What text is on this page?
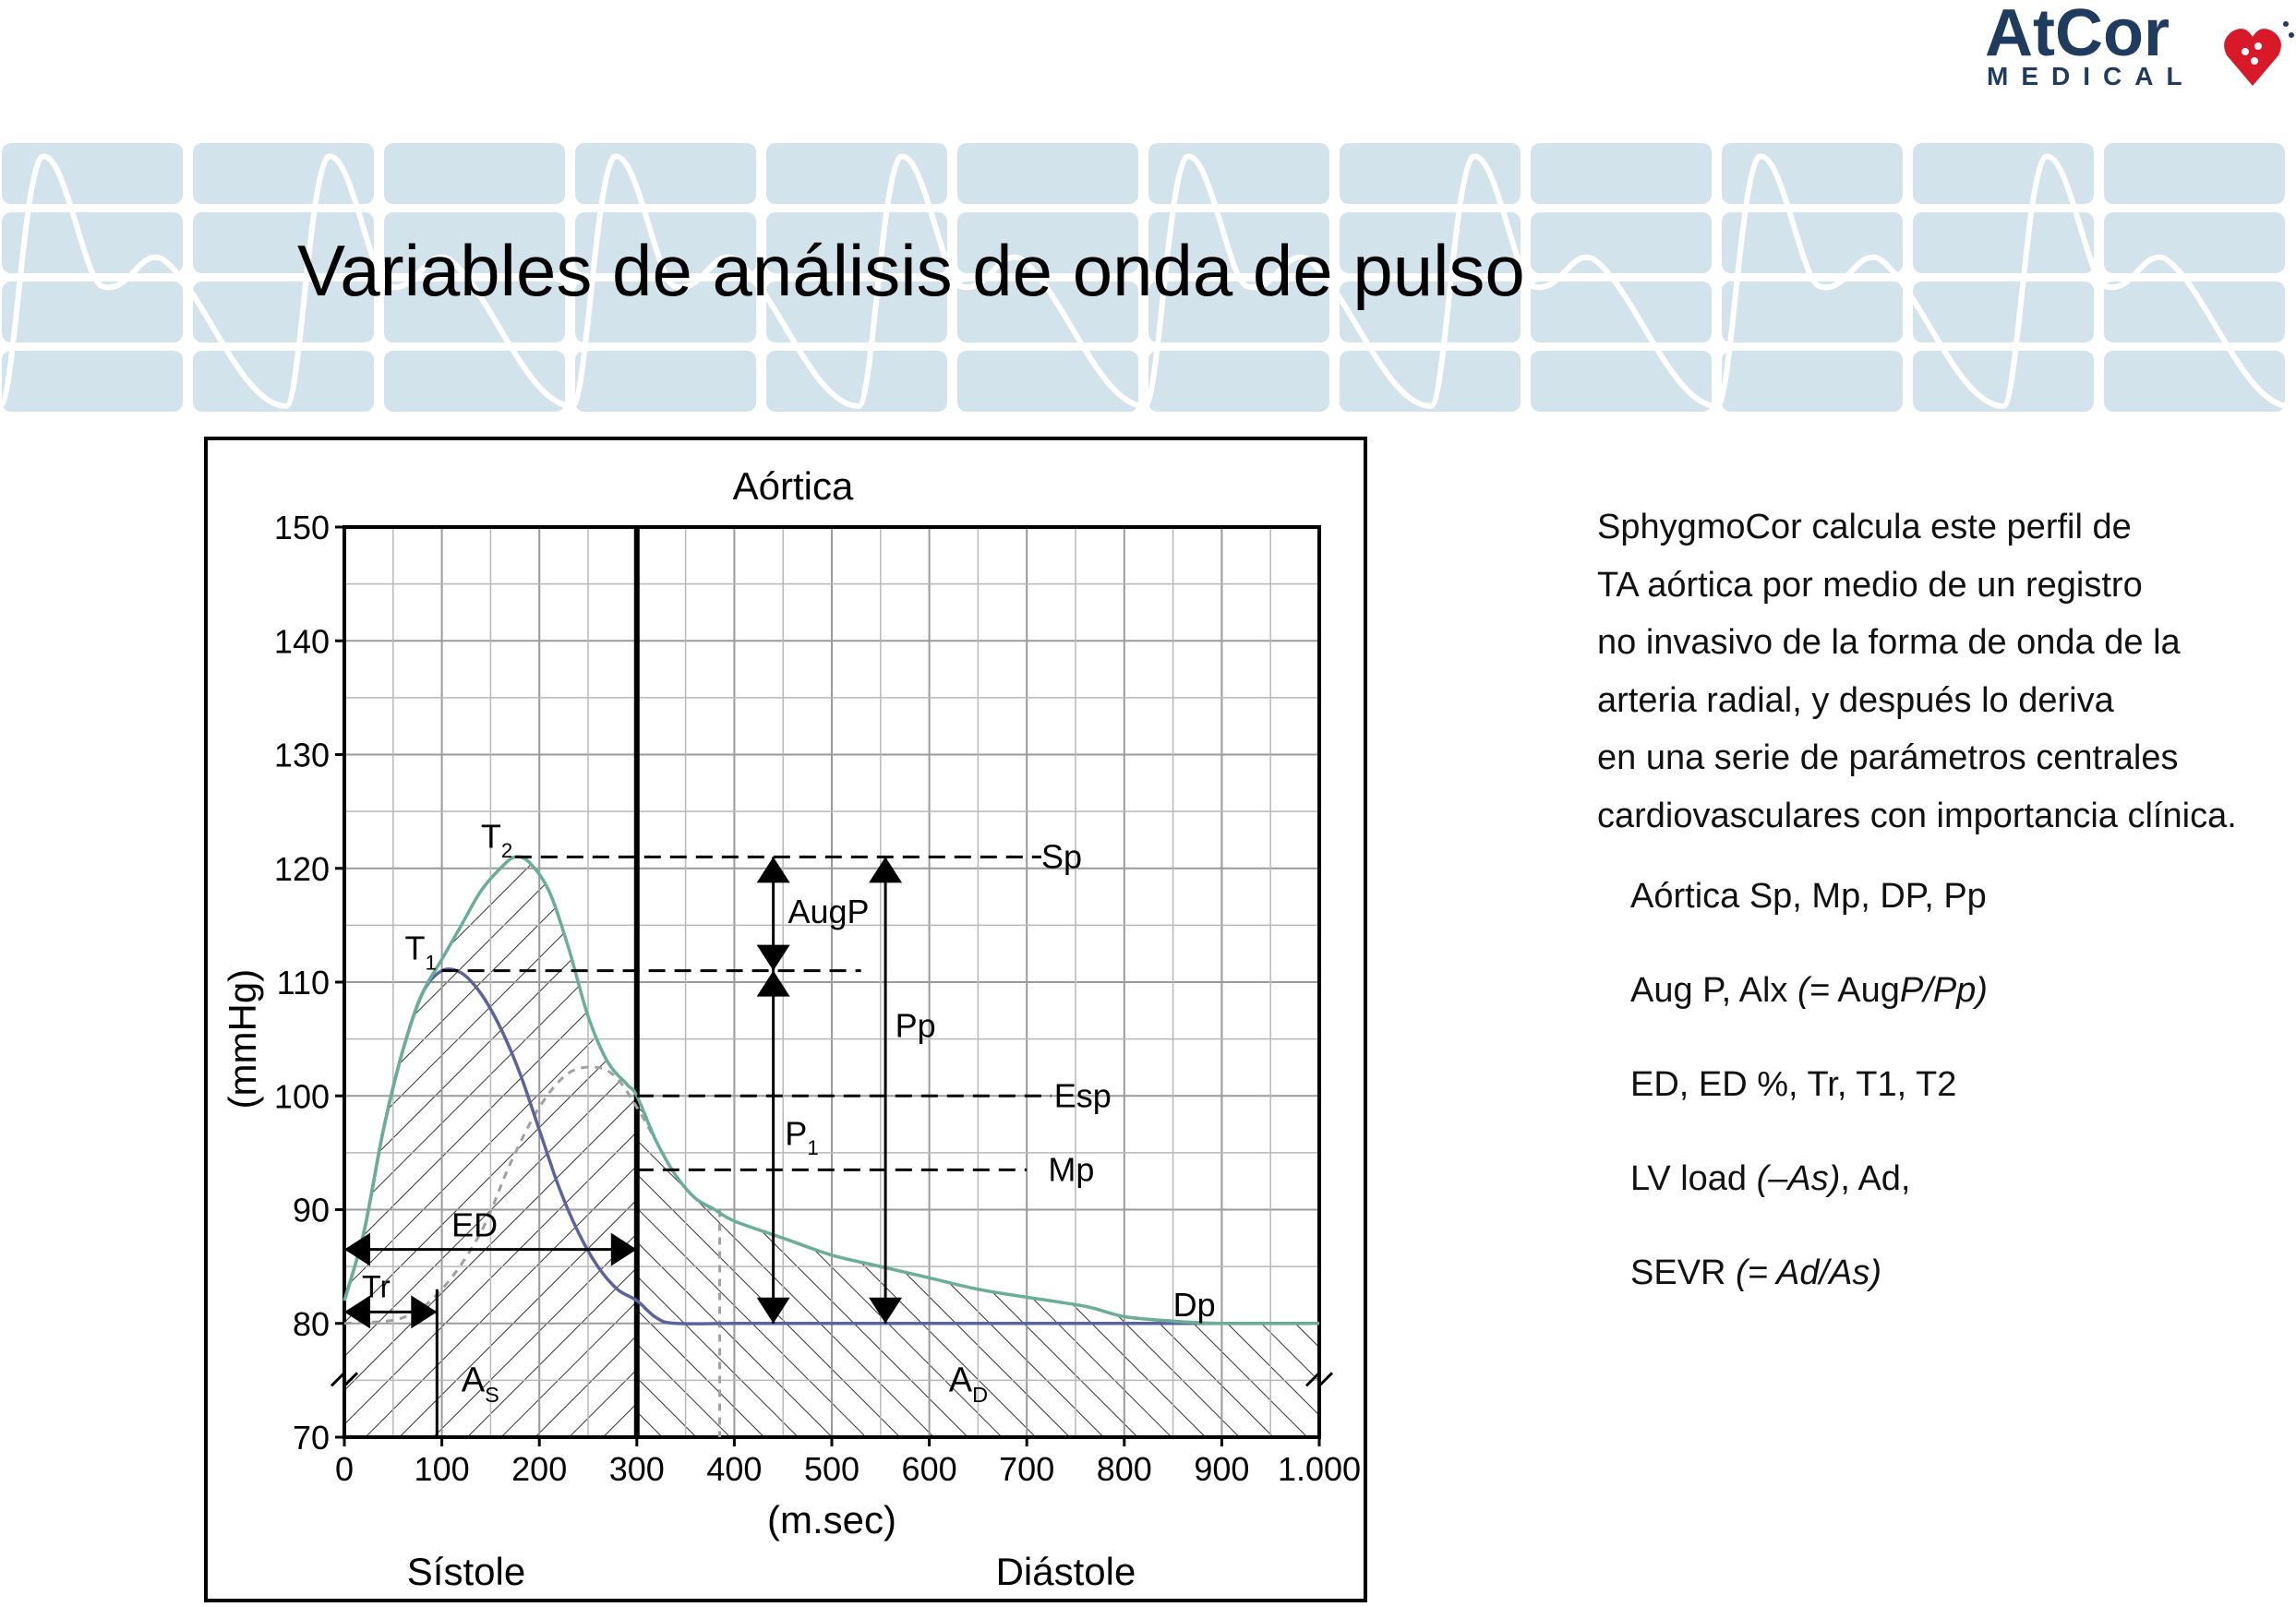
AtCor
MEDICAL
Variables de análisis de onda de pulso
0 100 200 300 400 500 600 700 800 900 1.000
70
80
90
100
110
120
130
140
150
Aórtica
(mmHg)
(m.sec)
Sístole	Diástole
$T_2$
$T_1$
Sp
Esp
Mp
Dp
AugP
$P_1$
Pp
ED
Tr
$A_S$	$A_D$
SphygmoCor calcula este perfil de
TA aórtica por medio de un registro
no invasivo de la forma de onda de la
arteria radial, y después lo deriva
en una serie de parámetros centrales
cardiovasculares con importancia clínica.
Aórtica Sp, Mp, DP, Pp
Aug P, Alx (= AugP/Pp)
ED, ED %, Tr, T1, T2
LV load (–As), Ad,
SEVR (= Ad/As)
